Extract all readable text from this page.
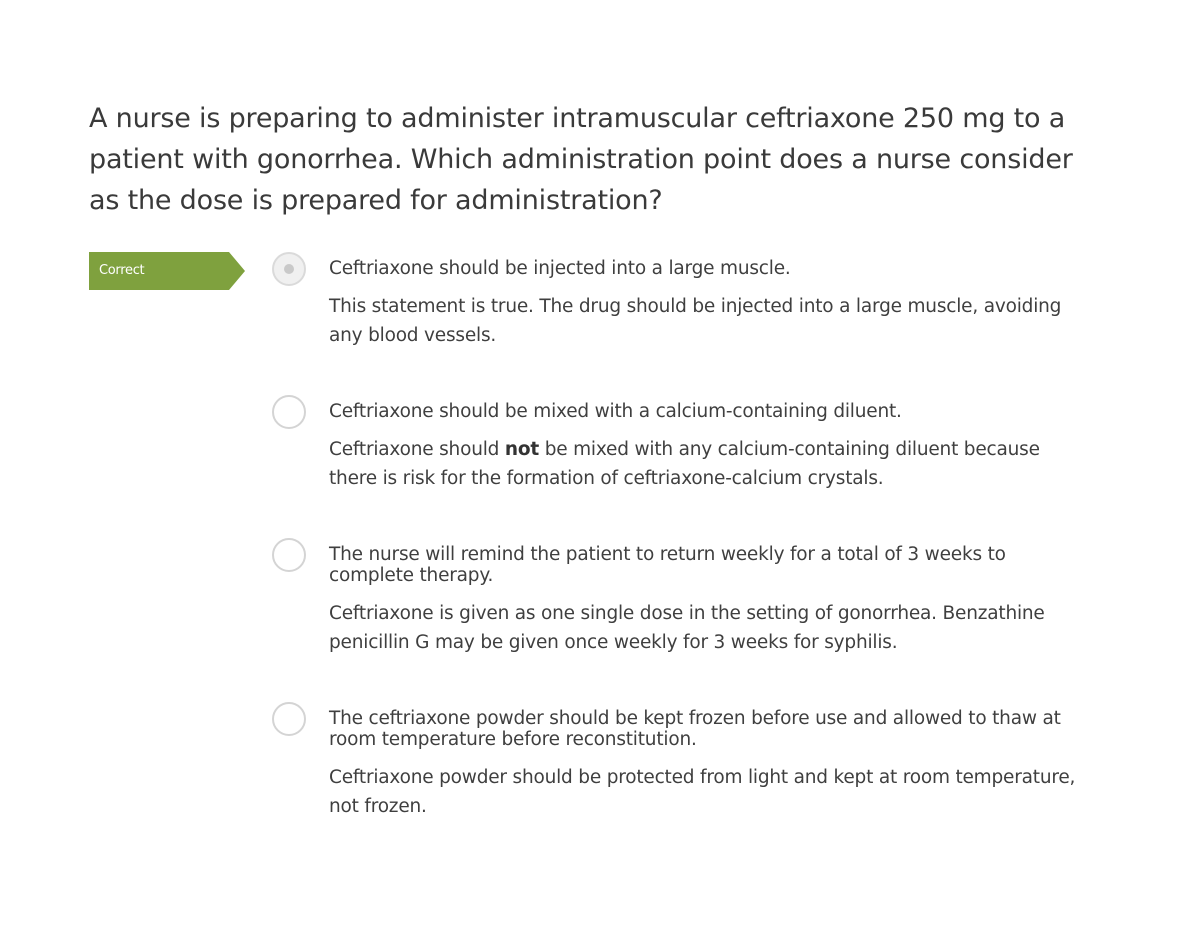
A nurse is preparing to administer intramuscular ceftriaxone 250 mg to a patient with gonorrhea. Which administration point does a nurse consider as the dose is prepared for administration?
Correct	Ceftriaxone should be injected into a large muscle.
This statement is true. The drug should be injected into a large muscle, avoiding any blood vessels.
Ceftriaxone should be mixed with a calcium-containing diluent.
Ceftriaxone should not be mixed with any calcium-containing diluent because there is risk for the formation of ceftriaxone-calcium crystals.
The nurse will remind the patient to return weekly for a total of 3 weeks to complete therapy.
Ceftriaxone is given as one single dose in the setting of gonorrhea. Benzathine penicillin G may be given once weekly for 3 weeks for syphilis.
The ceftriaxone powder should be kept frozen before use and allowed to thaw at room temperature before reconstitution.
Ceftriaxone powder should be protected from light and kept at room temperature, not frozen.
